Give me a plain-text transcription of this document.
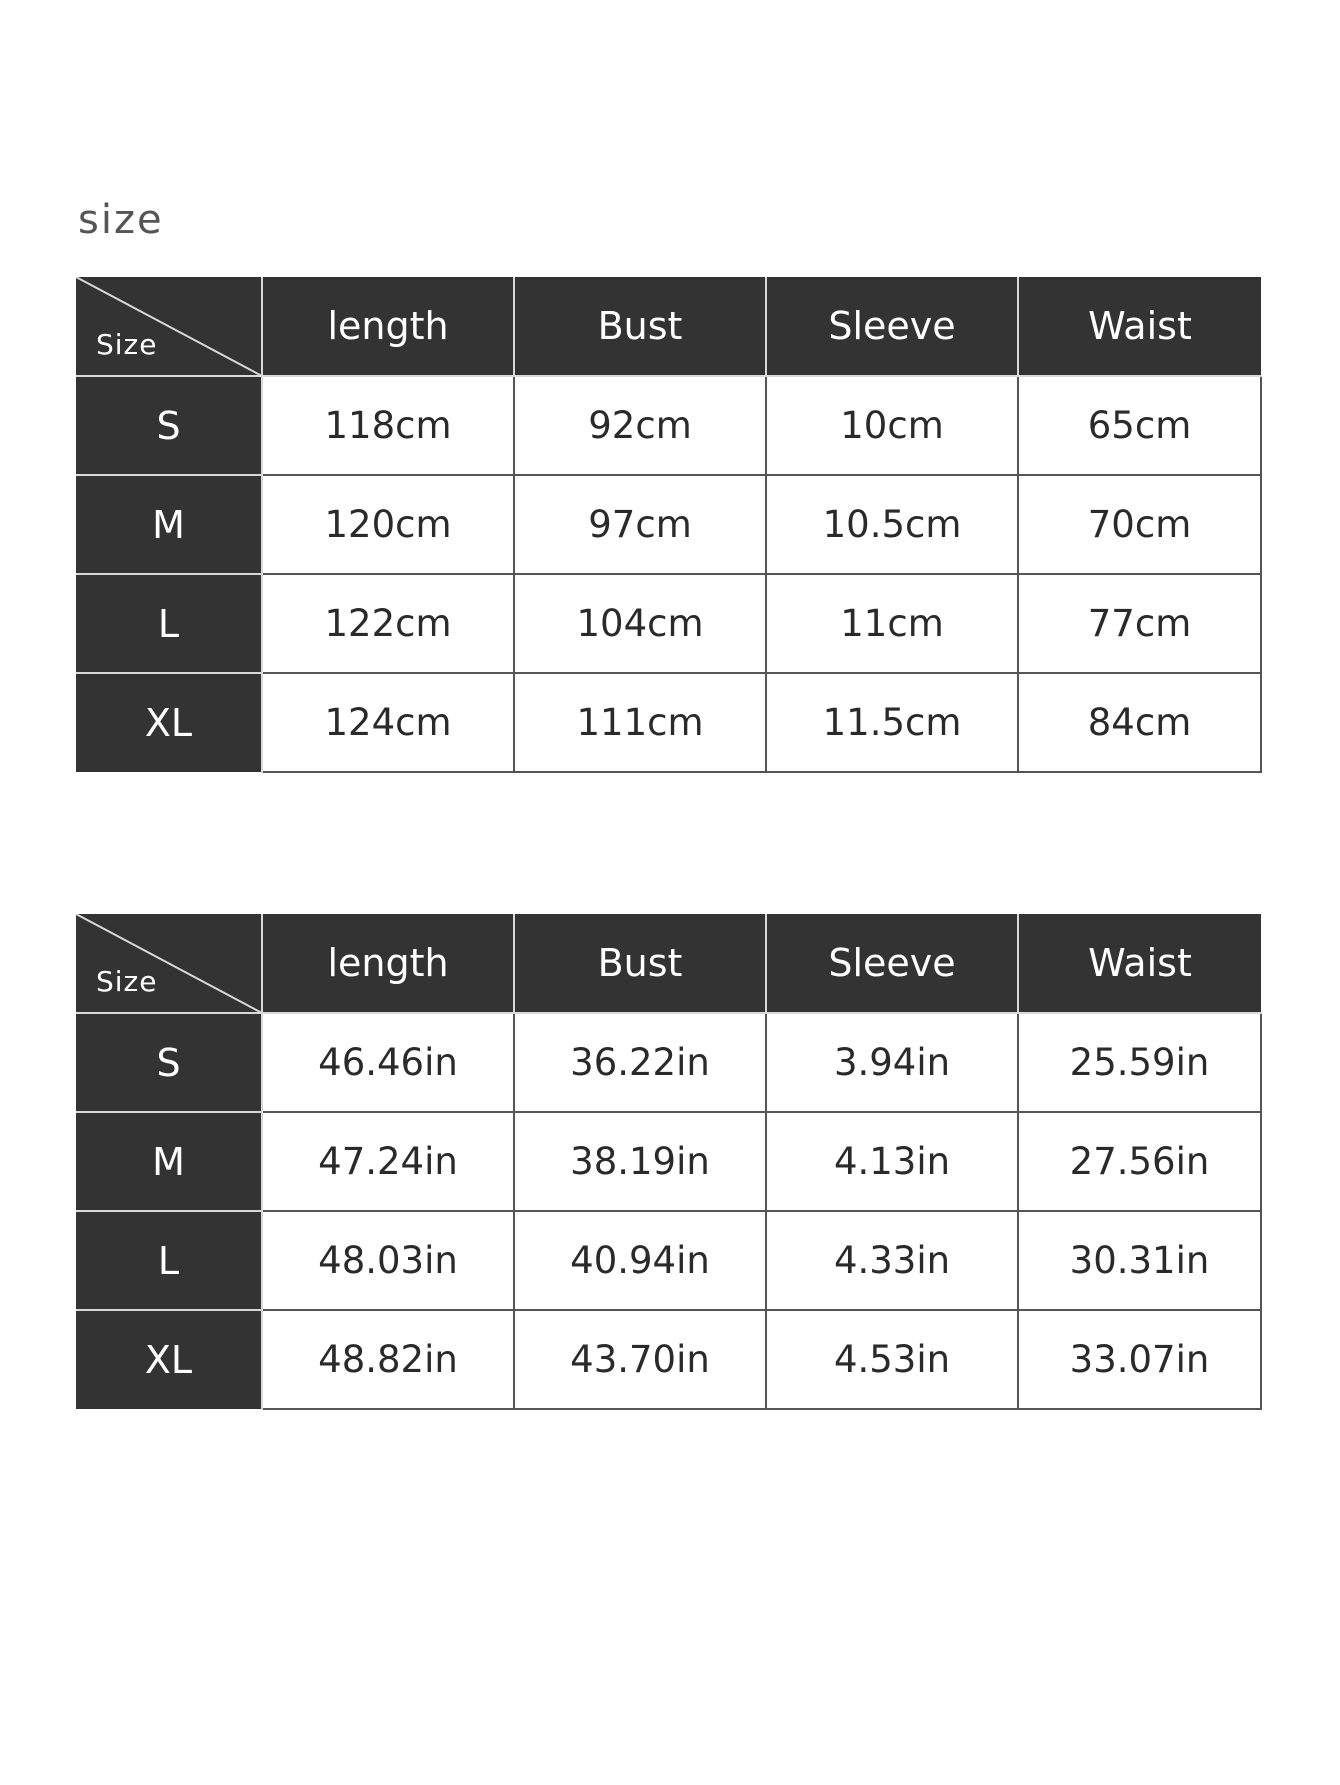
size
Size	length	Bust	Sleeve	Waist
S	118cm	92cm	10cm	65cm
M	120cm	97cm	10.5cm	70cm
L	122cm	104cm	11cm	77cm
XL	124cm	111cm	11.5cm	84cm
Size	length	Bust	Sleeve	Waist
S	46.46in	36.22in	3.94in	25.59in
M	47.24in	38.19in	4.13in	27.56in
L	48.03in	40.94in	4.33in	30.31in
XL	48.82in	43.70in	4.53in	33.07in
